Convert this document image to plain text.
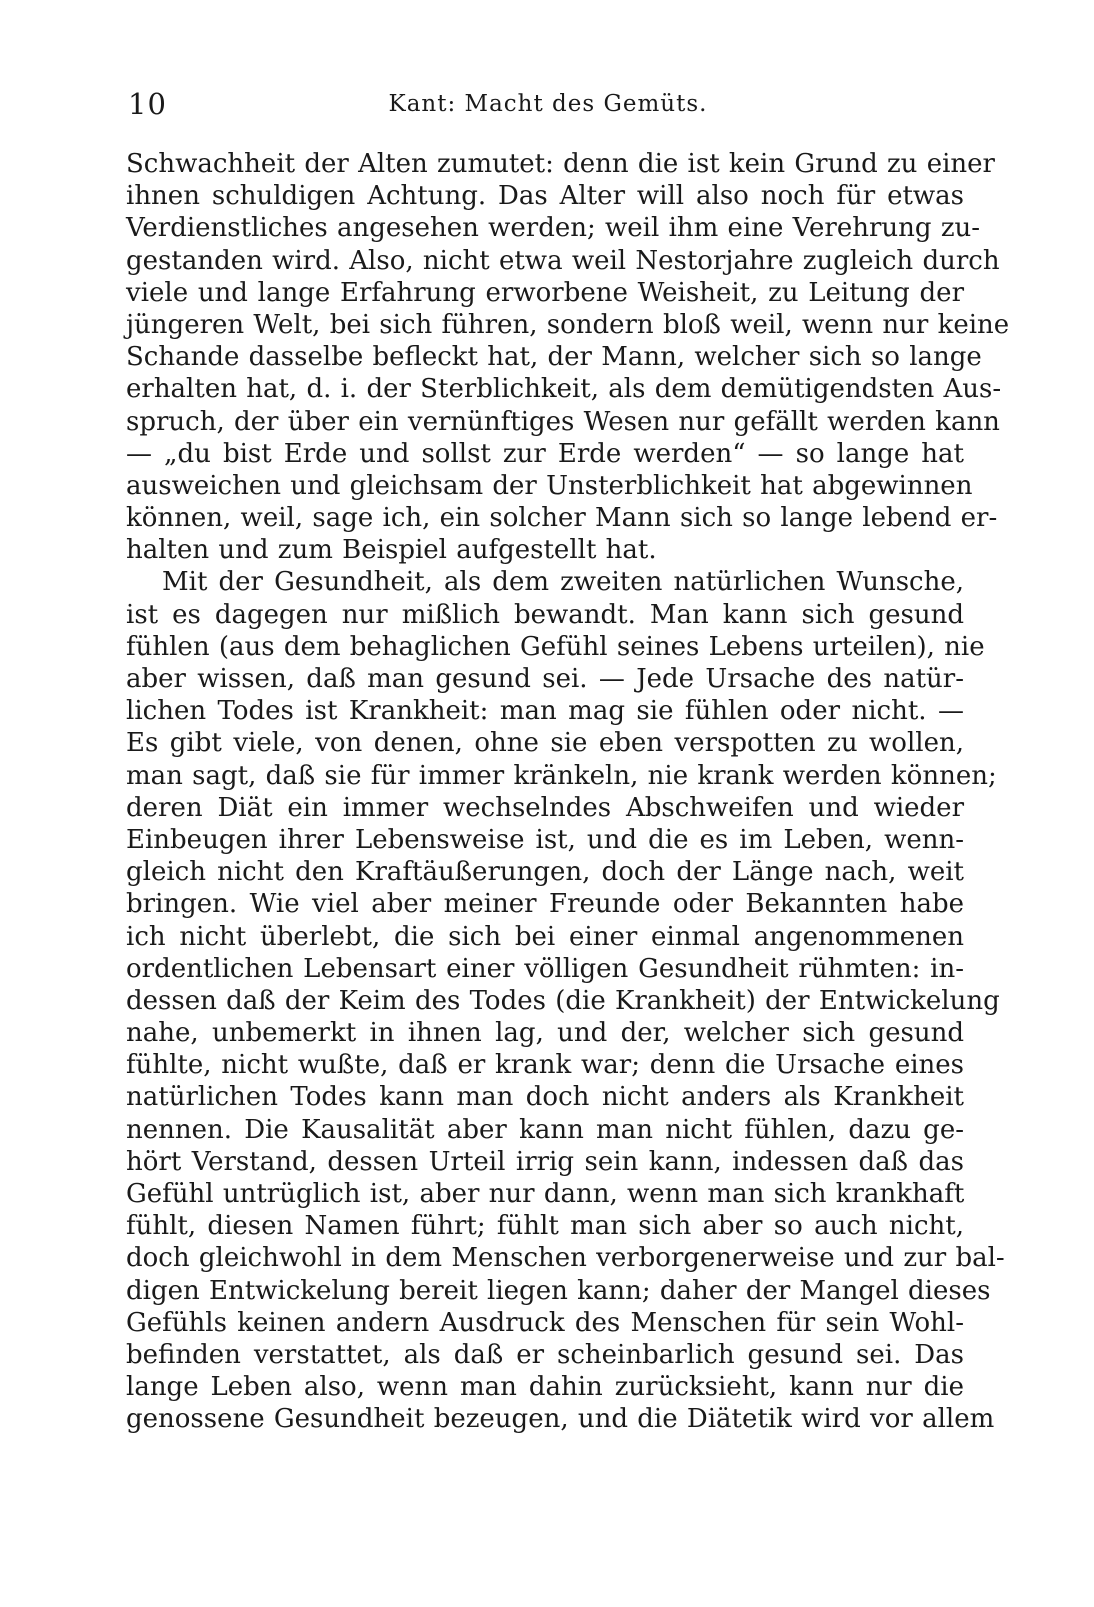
10	Kant: Macht des Gemüts.
Schwachheit der Alten zumutet: denn die ist kein Grund zu einer
ihnen schuldigen Achtung. Das Alter will also noch für etwas
Verdienstliches angesehen werden; weil ihm eine Verehrung zu-
gestanden wird. Also, nicht etwa weil Nestorjahre zugleich durch
viele und lange Erfahrung erworbene Weisheit, zu Leitung der
jüngeren Welt, bei sich führen, sondern bloß weil, wenn nur keine
Schande dasselbe befleckt hat, der Mann, welcher sich so lange
erhalten hat, d. i. der Sterblichkeit, als dem demütigendsten Aus-
spruch, der über ein vernünftiges Wesen nur gefällt werden kann
— „du bist Erde und sollst zur Erde werden“ — so lange hat
ausweichen und gleichsam der Unsterblichkeit hat abgewinnen
können, weil, sage ich, ein solcher Mann sich so lange lebend er-
halten und zum Beispiel aufgestellt hat.
Mit der Gesundheit, als dem zweiten natürlichen Wunsche,
ist es dagegen nur mißlich bewandt. Man kann sich gesund
fühlen (aus dem behaglichen Gefühl seines Lebens urteilen), nie
aber wissen, daß man gesund sei. — Jede Ursache des natür-
lichen Todes ist Krankheit: man mag sie fühlen oder nicht. —
Es gibt viele, von denen, ohne sie eben verspotten zu wollen,
man sagt, daß sie für immer kränkeln, nie krank werden können;
deren Diät ein immer wechselndes Abschweifen und wieder
Einbeugen ihrer Lebensweise ist, und die es im Leben, wenn-
gleich nicht den Kraftäußerungen, doch der Länge nach, weit
bringen. Wie viel aber meiner Freunde oder Bekannten habe
ich nicht überlebt, die sich bei einer einmal angenommenen
ordentlichen Lebensart einer völligen Gesundheit rühmten: in-
dessen daß der Keim des Todes (die Krankheit) der Entwickelung
nahe, unbemerkt in ihnen lag, und der, welcher sich gesund
fühlte, nicht wußte, daß er krank war; denn die Ursache eines
natürlichen Todes kann man doch nicht anders als Krankheit
nennen. Die Kausalität aber kann man nicht fühlen, dazu ge-
hört Verstand, dessen Urteil irrig sein kann, indessen daß das
Gefühl untrüglich ist, aber nur dann, wenn man sich krankhaft
fühlt, diesen Namen führt; fühlt man sich aber so auch nicht,
doch gleichwohl in dem Menschen verborgenerweise und zur bal-
digen Entwickelung bereit liegen kann; daher der Mangel dieses
Gefühls keinen andern Ausdruck des Menschen für sein Wohl-
befinden verstattet, als daß er scheinbarlich gesund sei. Das
lange Leben also, wenn man dahin zurücksieht, kann nur die
genossene Gesundheit bezeugen, und die Diätetik wird vor allem
